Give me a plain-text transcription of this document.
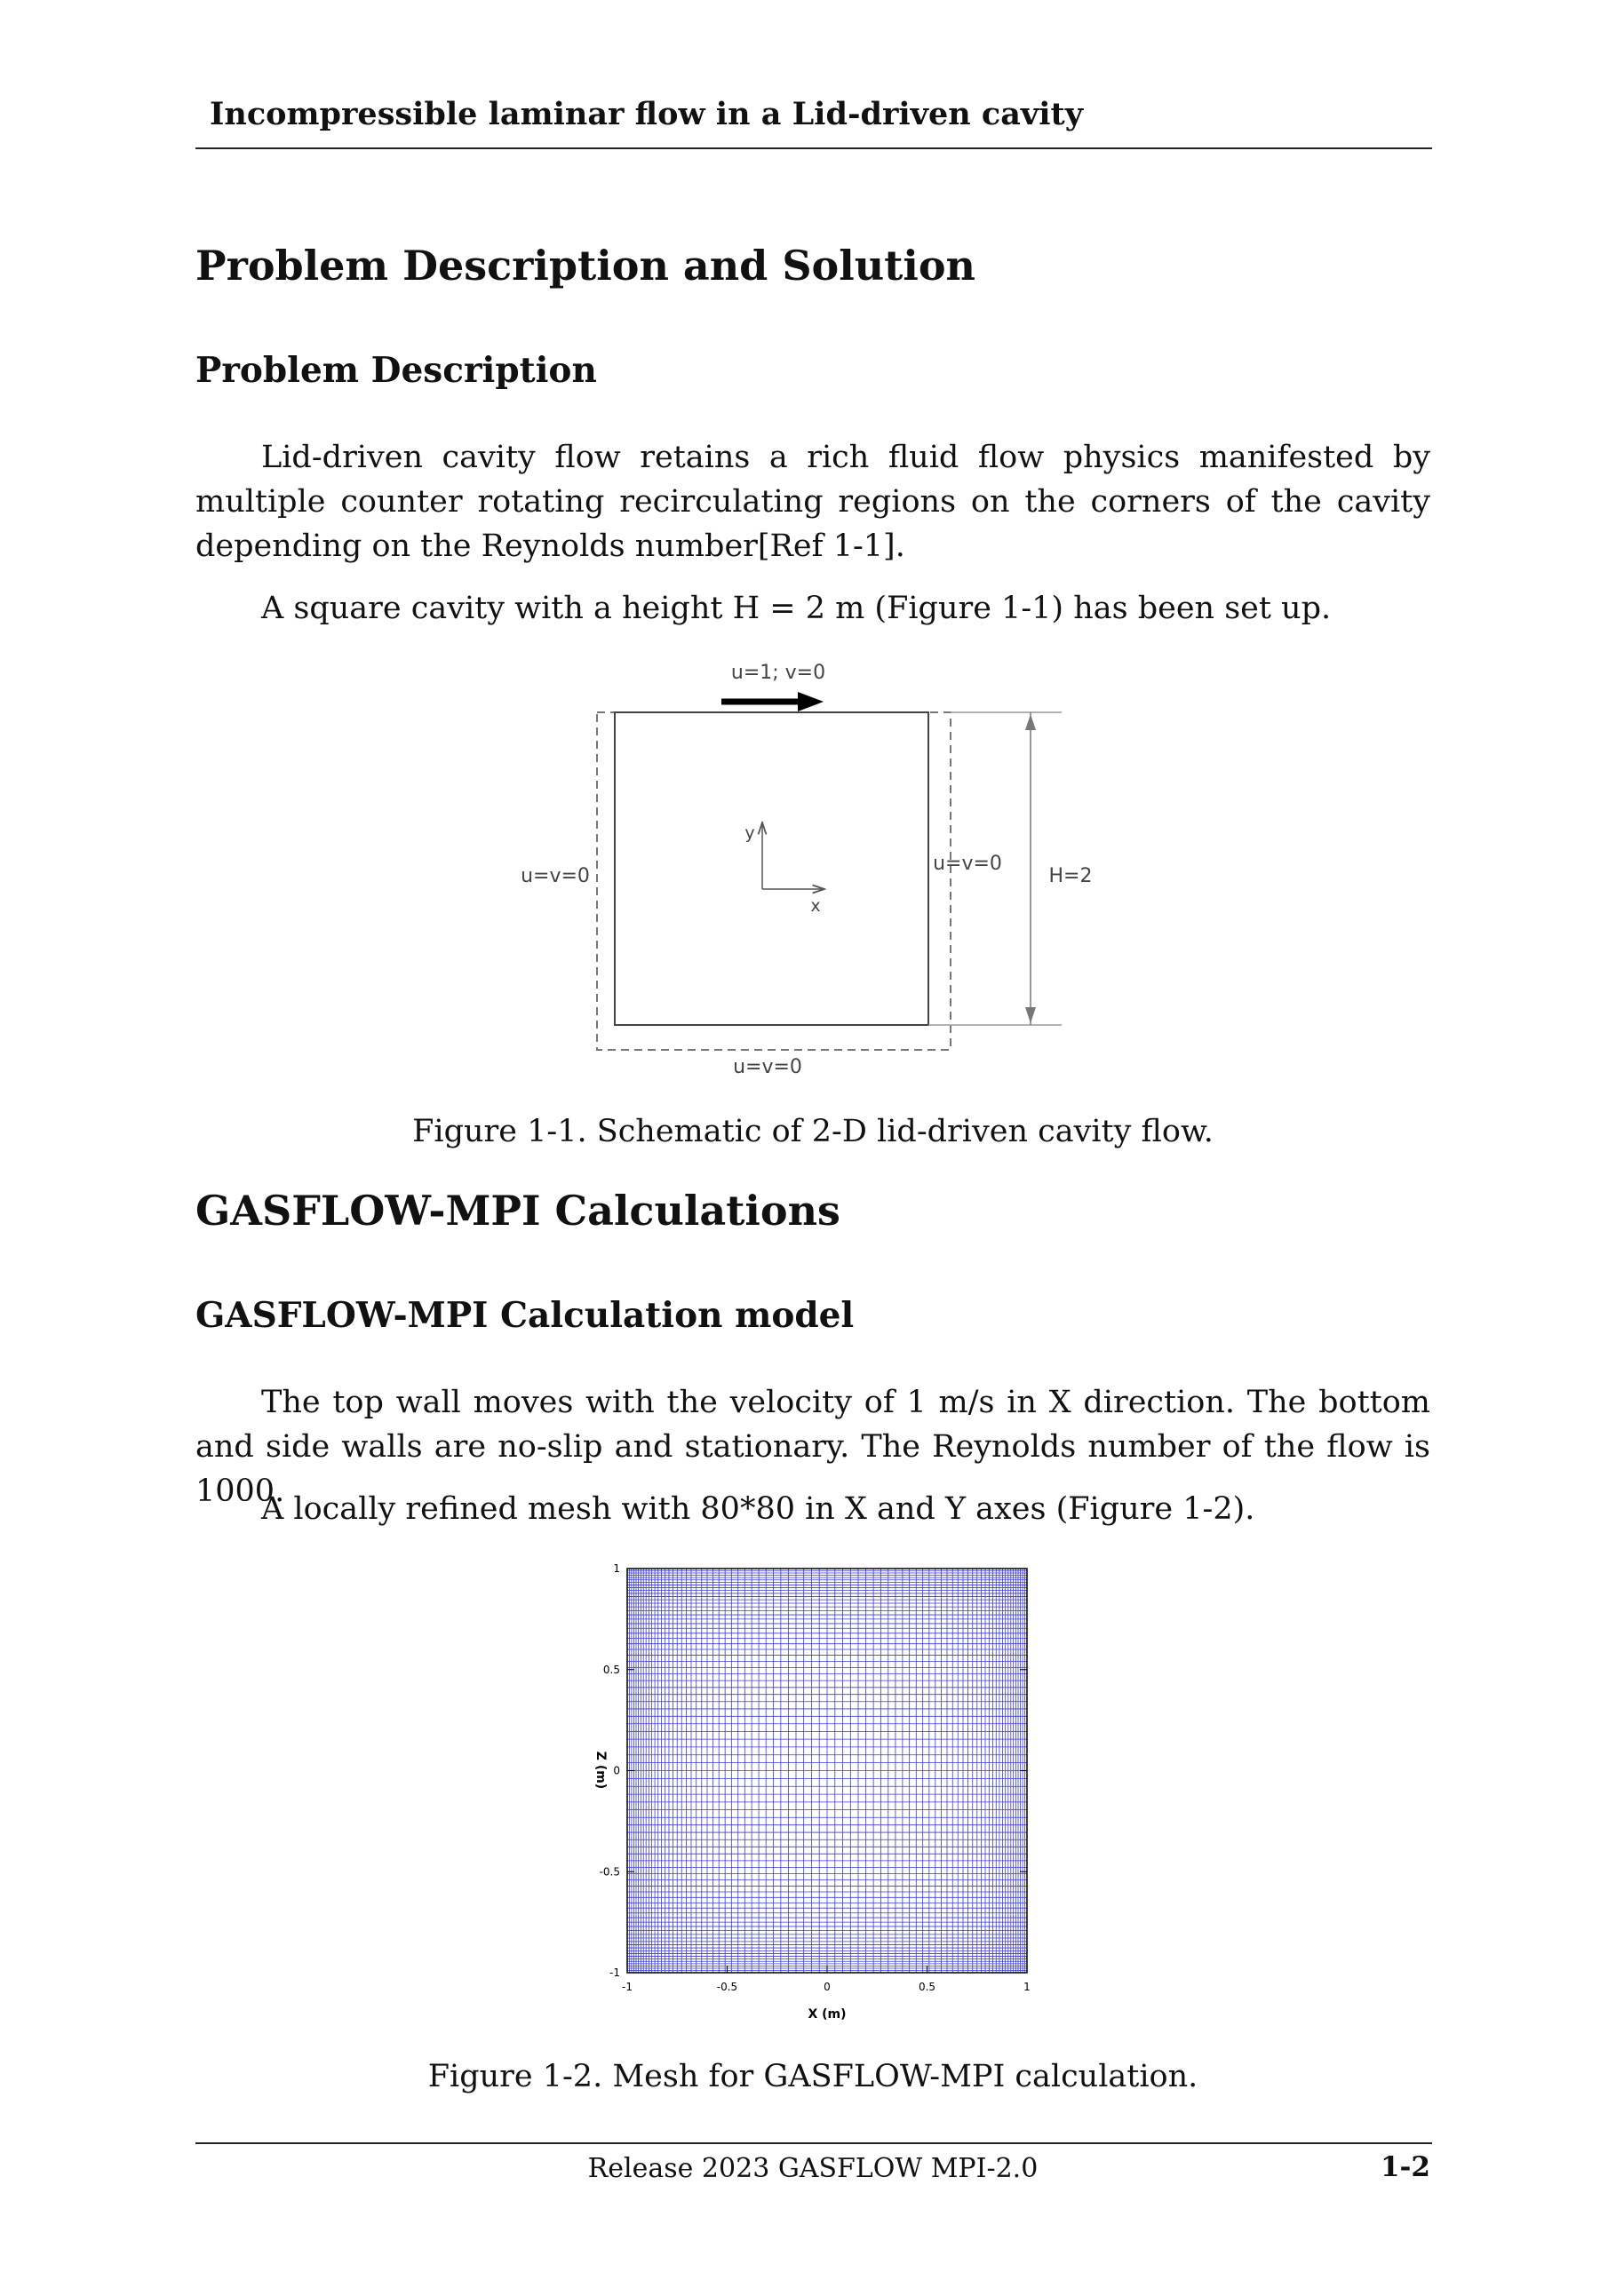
Incompressible laminar flow in a Lid-driven cavity
Problem Description and Solution
Problem Description
Lid-driven cavity flow retains a rich fluid flow physics manifested by multiple counter rotating recirculating regions on the corners of the cavity depending on the Reynolds number[Ref 1-1].
A square cavity with a height H = 2 m (Figure 1-1) has been set up.
u=1; v=0
y
x
u=v=0
u=v=0
u=v=0
H=2
Figure 1-1. Schematic of 2-D lid-driven cavity flow.
GASFLOW-MPI Calculations
GASFLOW-MPI Calculation model
The top wall moves with the velocity of 1 m/s in X direction. The bottom and side walls are no-slip and stationary. The Reynolds number of the flow is 1000.
A locally refined mesh with 80*80 in X and Y axes (Figure 1-2).
-1	-0.5	0	0.5	1
1
0.5
0
-0.5
-1
X (m)
Z (m)
Figure 1-2. Mesh for GASFLOW-MPI calculation.
Release 2023 GASFLOW MPI-2.0	1-2
